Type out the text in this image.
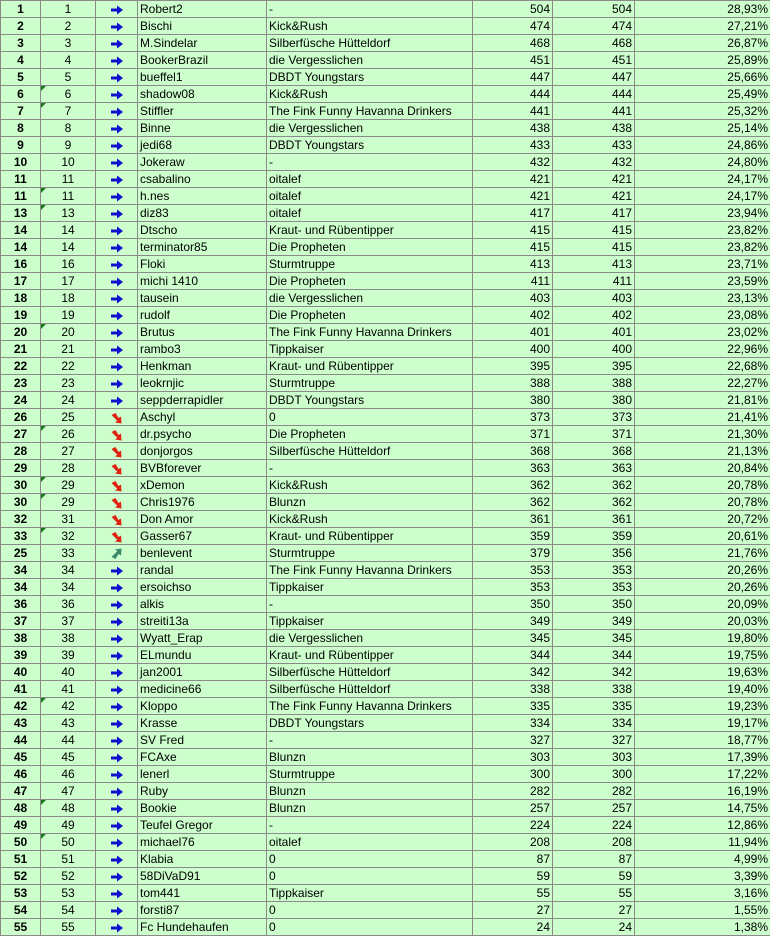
1	1		Robert2	-	504	504	28,93%
2	2		Bischi	Kick&Rush	474	474	27,21%
3	3		M.Sindelar	Silberfüsche Hütteldorf	468	468	26,87%
4	4		BookerBrazil	die Vergesslichen	451	451	25,89%
5	5		bueffel1	DBDT Youngstars	447	447	25,66%
6	6		shadow08	Kick&Rush	444	444	25,49%
7	7		Stiffler	The Fink Funny Havanna Drinkers	441	441	25,32%
8	8		Binne	die Vergesslichen	438	438	25,14%
9	9		jedi68	DBDT Youngstars	433	433	24,86%
10	10		Jokeraw	-	432	432	24,80%
11	11		csabalino	oitalef	421	421	24,17%
11	11		h.nes	oitalef	421	421	24,17%
13	13		diz83	oitalef	417	417	23,94%
14	14		Dtscho	Kraut- und Rübentipper	415	415	23,82%
14	14		terminator85	Die Propheten	415	415	23,82%
16	16		Floki	Sturmtruppe	413	413	23,71%
17	17		michi 1410	Die Propheten	411	411	23,59%
18	18		tausein	die Vergesslichen	403	403	23,13%
19	19		rudolf	Die Propheten	402	402	23,08%
20	20		Brutus	The Fink Funny Havanna Drinkers	401	401	23,02%
21	21		rambo3	Tippkaiser	400	400	22,96%
22	22		Henkman	Kraut- und Rübentipper	395	395	22,68%
23	23		leokrnjic	Sturmtruppe	388	388	22,27%
24	24		seppderrapidler	DBDT Youngstars	380	380	21,81%
26	25		Aschyl	0	373	373	21,41%
27	26		dr.psycho	Die Propheten	371	371	21,30%
28	27		donjorgos	Silberfüsche Hütteldorf	368	368	21,13%
29	28		BVBforever	-	363	363	20,84%
30	29		xDemon	Kick&Rush	362	362	20,78%
30	29		Chris1976	Blunzn	362	362	20,78%
32	31		Don Amor	Kick&Rush	361	361	20,72%
33	32		Gasser67	Kraut- und Rübentipper	359	359	20,61%
25	33		benlevent	Sturmtruppe	379	356	21,76%
34	34		randal	The Fink Funny Havanna Drinkers	353	353	20,26%
34	34		ersoichso	Tippkaiser	353	353	20,26%
36	36		alkis	-	350	350	20,09%
37	37		streiti13a	Tippkaiser	349	349	20,03%
38	38		Wyatt_Erap	die Vergesslichen	345	345	19,80%
39	39		ELmundu	Kraut- und Rübentipper	344	344	19,75%
40	40		jan2001	Silberfüsche Hütteldorf	342	342	19,63%
41	41		medicine66	Silberfüsche Hütteldorf	338	338	19,40%
42	42		Kloppo	The Fink Funny Havanna Drinkers	335	335	19,23%
43	43		Krasse	DBDT Youngstars	334	334	19,17%
44	44		SV Fred	-	327	327	18,77%
45	45		FCAxe	Blunzn	303	303	17,39%
46	46		lenerl	Sturmtruppe	300	300	17,22%
47	47		Ruby	Blunzn	282	282	16,19%
48	48		Bookie	Blunzn	257	257	14,75%
49	49		Teufel Gregor	-	224	224	12,86%
50	50		michael76	oitalef	208	208	11,94%
51	51		Klabia	0	87	87	4,99%
52	52		58DiVaD91	0	59	59	3,39%
53	53		tom441	Tippkaiser	55	55	3,16%
54	54		forsti87	0	27	27	1,55%
55	55		Fc Hundehaufen	0	24	24	1,38%
